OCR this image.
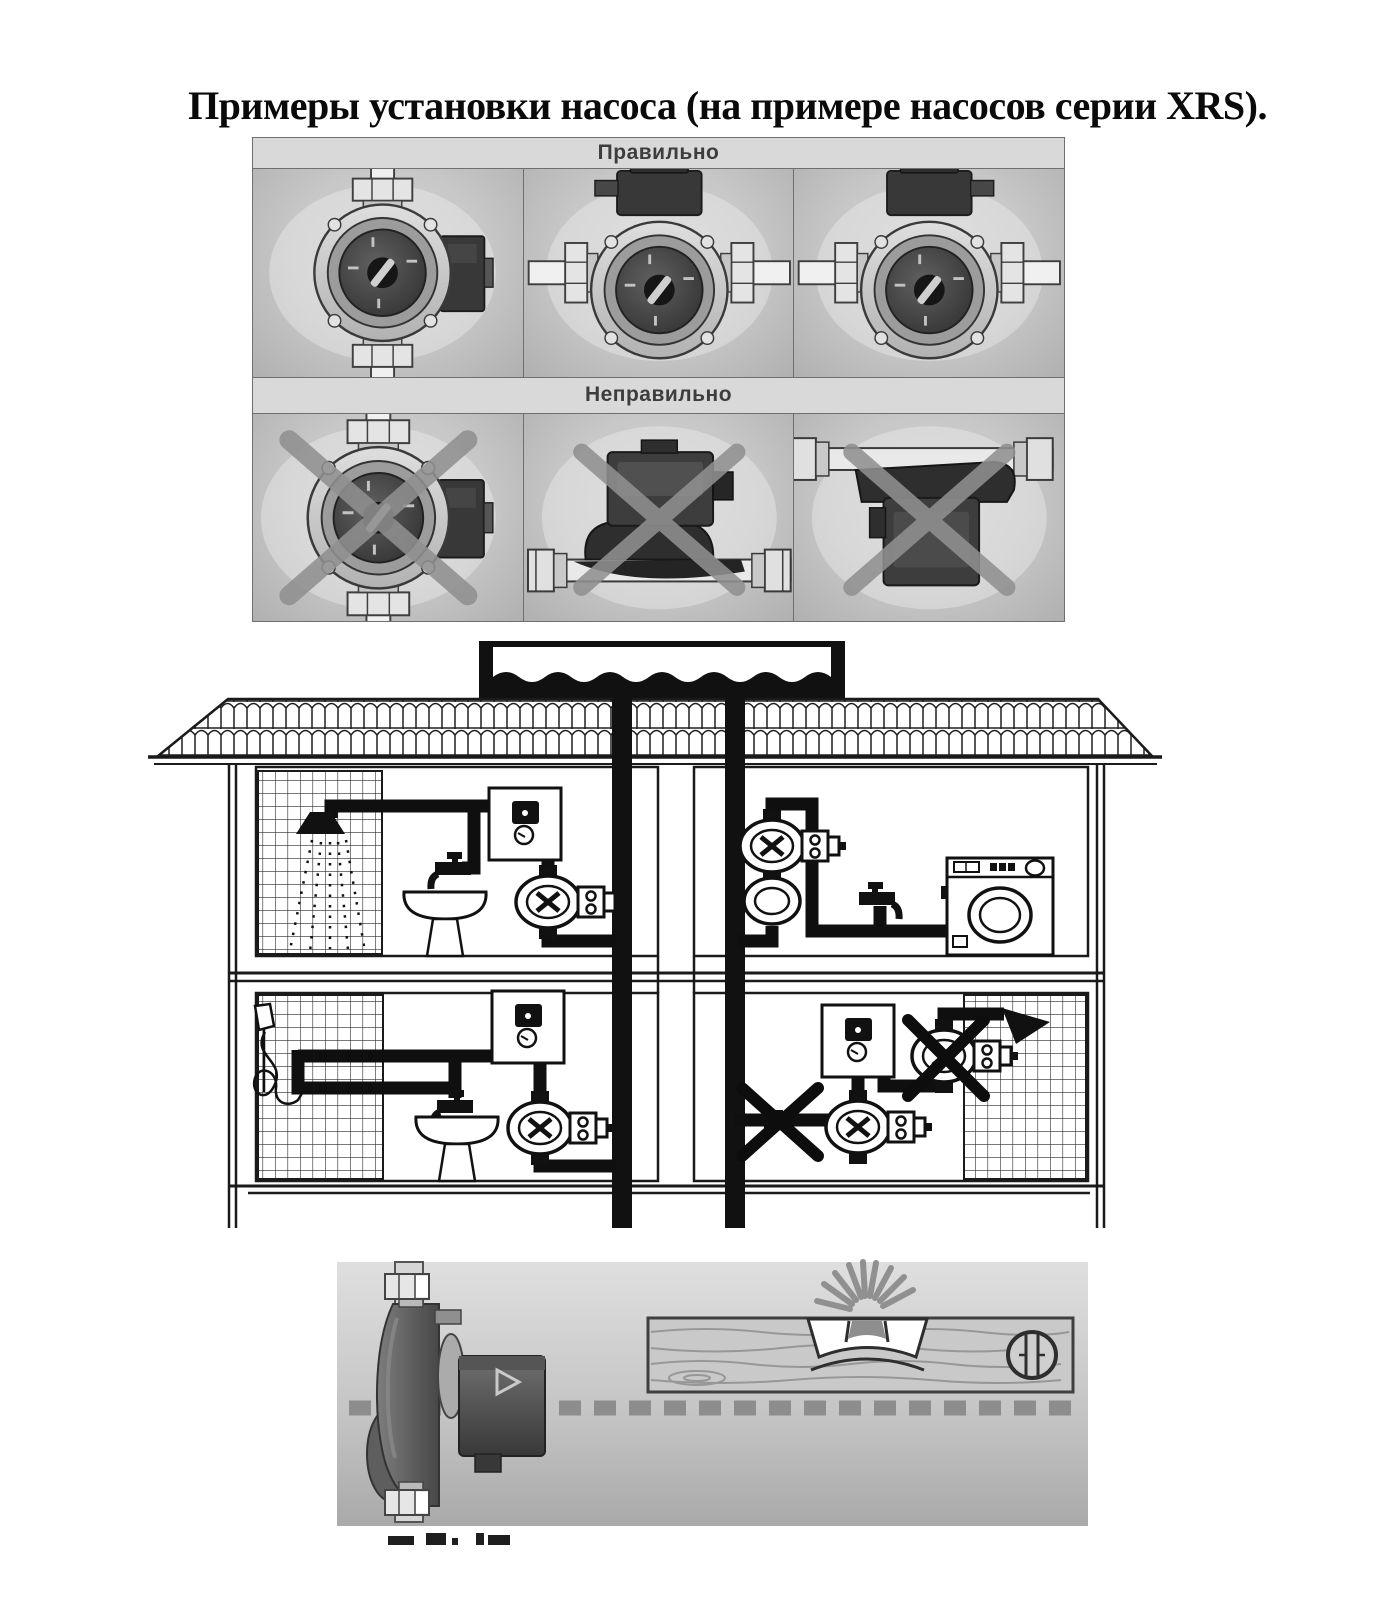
Примеры установки насоса (на примере насосов серии XRS).
Правильно
Неправильно
